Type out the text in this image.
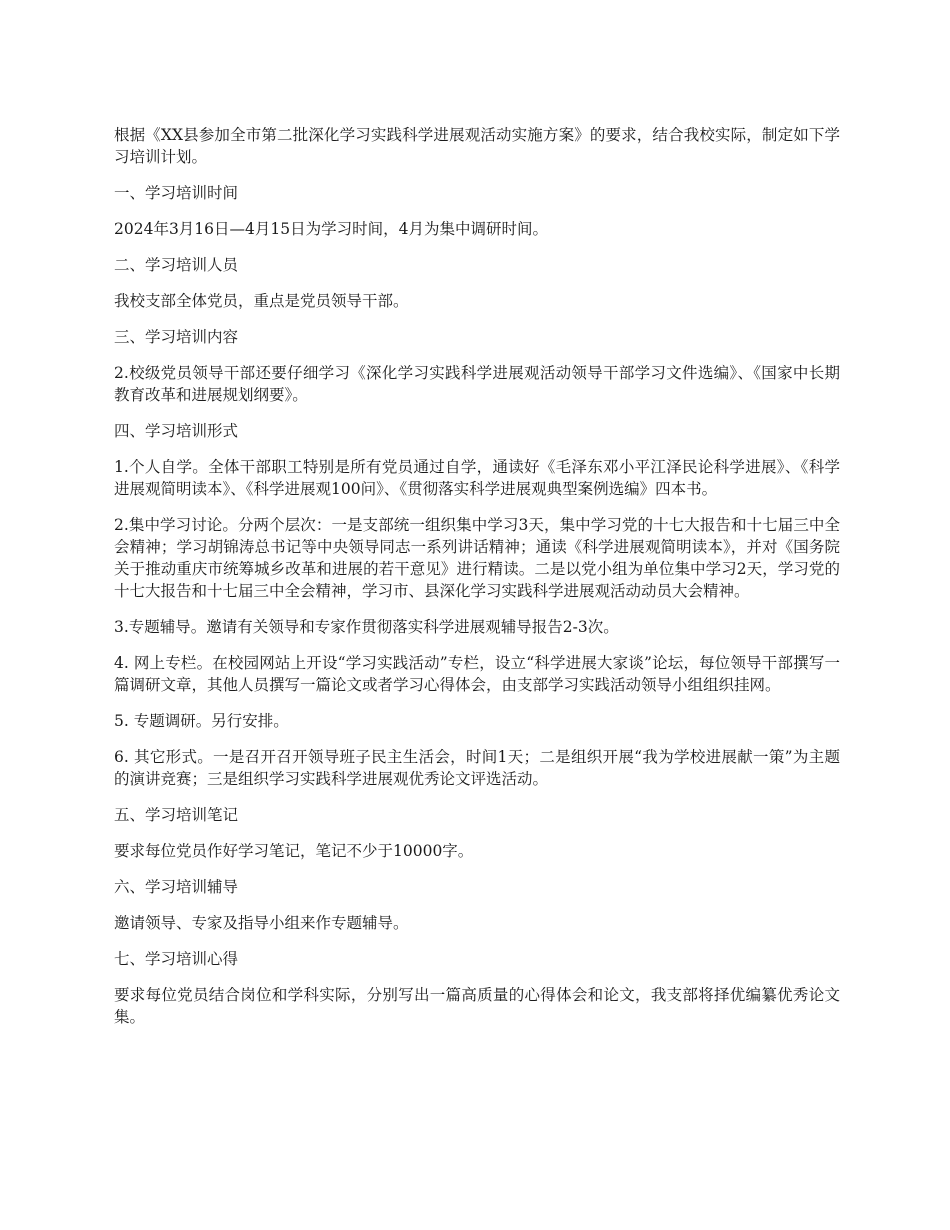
根据《XX县参加全市第二批深化学习实践科学进展观活动实施方案》的要求，结合我校实际，制定如下学习培训计划。

一、学习培训时间

2024年3月16日—4月15日为学习时间，4月为集中调研时间。

二、学习培训人员

我校支部全体党员，重点是党员领导干部。

三、学习培训内容

2.校级党员领导干部还要仔细学习《深化学习实践科学进展观活动领导干部学习文件选编》、《国家中长期教育改革和进展规划纲要》。

四、学习培训形式

1.个人自学。全体干部职工特别是所有党员通过自学，通读好《毛泽东邓小平江泽民论科学进展》、《科学进展观简明读本》、《科学进展观100问》、《贯彻落实科学进展观典型案例选编》四本书。

2.集中学习讨论。分两个层次：一是支部统一组织集中学习3天，集中学习党的十七大报告和十七届三中全会精神；学习胡锦涛总书记等中央领导同志一系列讲话精神；通读《科学进展观简明读本》，并对《国务院关于推动重庆市统筹城乡改革和进展的若干意见》进行精读。二是以党小组为单位集中学习2天，学习党的十七大报告和十七届三中全会精神，学习市、县深化学习实践科学进展观活动动员大会精神。

3.专题辅导。邀请有关领导和专家作贯彻落实科学进展观辅导报告2-3次。

4. 网上专栏。在校园网站上开设“学习实践活动”专栏，设立“科学进展大家谈”论坛，每位领导干部撰写一篇调研文章，其他人员撰写一篇论文或者学习心得体会，由支部学习实践活动领导小组组织挂网。

5. 专题调研。另行安排。

6. 其它形式。一是召开召开领导班子民主生活会，时间1天；二是组织开展“我为学校进展献一策”为主题的演讲竞赛；三是组织学习实践科学进展观优秀论文评选活动。

五、学习培训笔记

要求每位党员作好学习笔记，笔记不少于10000字。

六、学习培训辅导

邀请领导、专家及指导小组来作专题辅导。

七、学习培训心得

要求每位党员结合岗位和学科实际，分别写出一篇高质量的心得体会和论文，我支部将择优编纂优秀论文集。
